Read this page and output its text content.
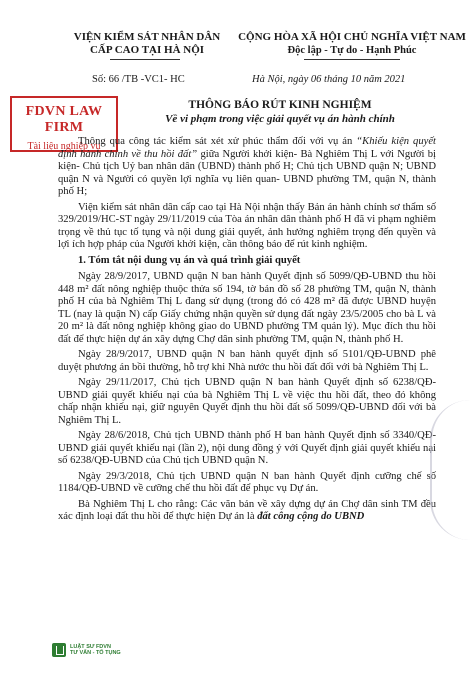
VIỆN KIỂM SÁT NHÂN DÂN
CẤP CAO TẠI HÀ NỘI
CỘNG HÒA XÃ HỘI CHỦ NGHĨA VIỆT NAM
Độc lập - Tự do - Hạnh Phúc
Số: 66 /TB -VC1- HC	Hà Nội, ngày 06 tháng 10 năm 2021
THÔNG BÁO RÚT KINH NGHIỆM
Về vi phạm trong việc giải quyết vụ án hành chính
FDVN LAW FIRM
Tài liệu nghiệp vụ

Thông qua công tác kiểm sát xét xử phúc thẩm đối với vụ án “Khiếu kiện quyết định hành chính về thu hồi đất” giữa Người khởi kiện- Bà Nghiêm Thị L với Người bị kiện- Chủ tịch Uỷ ban nhân dân (UBND) thành phố H; Chủ tịch UBND quận N; UBND quận N và Người có quyền lợi nghĩa vụ liên quan- UBND phường TM, quận N, thành phố H;

Viện kiểm sát nhân dân cấp cao tại Hà Nội nhận thấy Bản án hành chính sơ thẩm số 329/2019/HC-ST ngày 29/11/2019 của Tòa án nhân dân thành phố H đã vi phạm nghiêm trọng về thủ tục tố tụng và nội dung giải quyết, ảnh hưởng nghiêm trọng đến quyền và lợi ích hợp pháp của Người khởi kiện, cần thông báo để rút kinh nghiệm.

1. Tóm tắt nội dung vụ án và quá trình giải quyết

Ngày 28/9/2017, UBND quận N ban hành Quyết định số 5099/QĐ-UBND thu hồi 448 m² đất nông nghiệp thuộc thửa số 194, tờ bản đồ số 28 phường TM, quận N, thành phố H của bà Nghiêm Thị L đang sử dụng (trong đó có 428 m² đã được UBND huyện TL (nay là quận N) cấp Giấy chứng nhận quyền sử dụng đất ngày 23/5/2005 cho bà L và 20 m² là đất nông nghiệp không giao do UBND phường TM quản lý). Mục đích thu hồi đất để thực hiện dự án xây dựng Chợ dân sinh phường TM, quận N, thành phố H.

Ngày 28/9/2017, UBND quận N ban hành quyết định số 5101/QĐ-UBND phê duyệt phương án bồi thường, hỗ trợ khi Nhà nước thu hồi đất đối với bà Nghiêm Thị L.

Ngày 29/11/2017, Chủ tịch UBND quận N ban hành Quyết định số 6238/QĐ-UBND giải quyết khiếu nại của bà Nghiêm Thị L về việc thu hồi đất, theo đó không chấp nhận khiếu nại, giữ nguyên Quyết định thu hồi đất số 5099/QĐ-UBND đối với bà Nghiêm Thị L.

Ngày 28/6/2018, Chủ tịch UBND thành phố H ban hành Quyết định số 3340/QĐ-UBND giải quyết khiếu nại (lần 2), nội dung đồng ý với Quyết định giải quyết khiếu nại số 6238/QĐ-UBND của Chủ tịch UBND quận N.

Ngày 29/3/2018, Chủ tịch UBND quận N ban hành Quyết định cưỡng chế số 1184/QĐ-UBND về cưỡng chế thu hồi đất để phục vụ Dự án.

Bà Nghiêm Thị L cho rằng: Các văn bản về xây dựng dự án Chợ dân sinh TM đều xác định loại đất thu hồi để thực hiện Dự án là đất công cộng do UBND

LUẬT SƯ FDVN
TƯ VẤN - TỐ TỤNG
